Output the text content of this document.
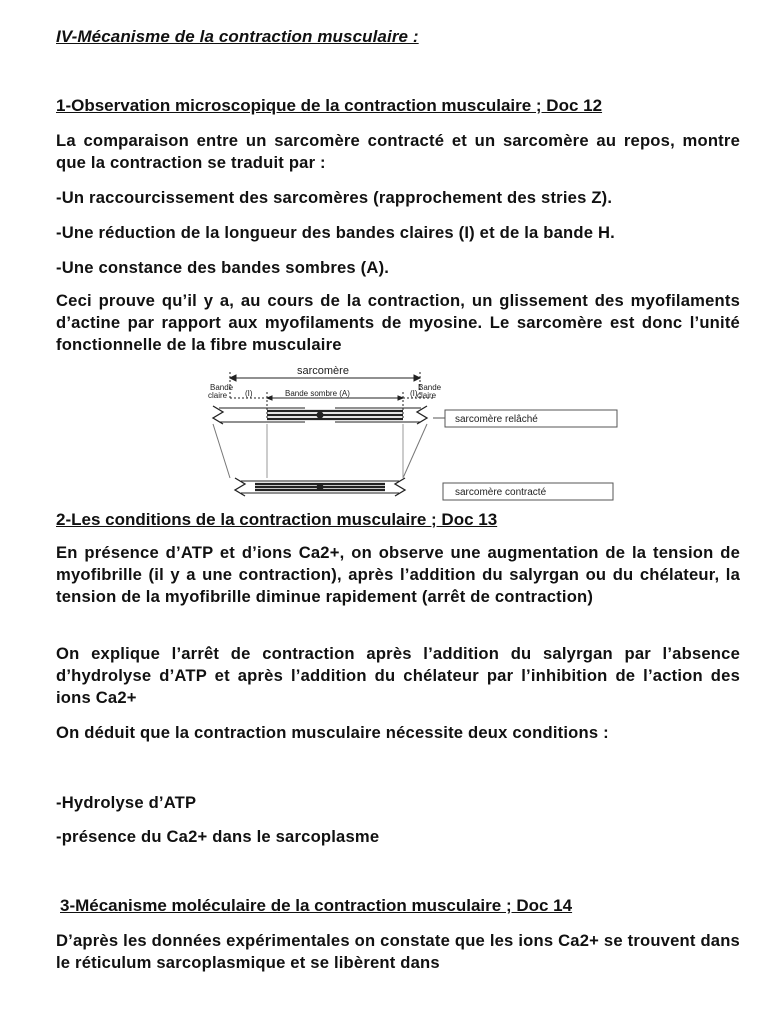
IV-Mécanisme de la contraction musculaire :
1-Observation microscopique de la contraction musculaire ; Doc 12
La comparaison entre un sarcomère contracté et un sarcomère au repos, montre que la contraction se traduit par :
-Un raccourcissement des sarcomères (rapprochement des stries Z).
-Une réduction de la longueur des bandes claires (I) et de la bande H.
-Une constance des bandes sombres (A).
Ceci prouve qu’il y a, au cours de la contraction, un glissement des myofilaments d’actine par rapport aux myofilaments de myosine. Le sarcomère est donc l’unité fonctionnelle de la fibre musculaire
sarcomère
Bande
claire (I)	Bande sombre (A)	(I)
Bande
claire
sarcomère relâché
sarcomère contracté
2-Les conditions de la contraction musculaire ; Doc 13
En présence d’ATP et d’ions Ca2+, on observe une augmentation de la tension de myofibrille (il y a une contraction), après l’addition du salyrgan ou du chélateur, la tension de la myofibrille diminue rapidement (arrêt de contraction)
On explique l’arrêt de contraction après l’addition du salyrgan par l’absence d’hydrolyse d’ATP et après l’addition du chélateur par l’inhibition de l’action des ions Ca2+
On déduit que la contraction musculaire nécessite deux conditions :
-Hydrolyse d’ATP
-présence du Ca2+ dans le sarcoplasme
3-Mécanisme moléculaire de la contraction musculaire ; Doc 14
D’après les données expérimentales on constate que les ions Ca2+ se trouvent dans le réticulum sarcoplasmique et se libèrent dans
